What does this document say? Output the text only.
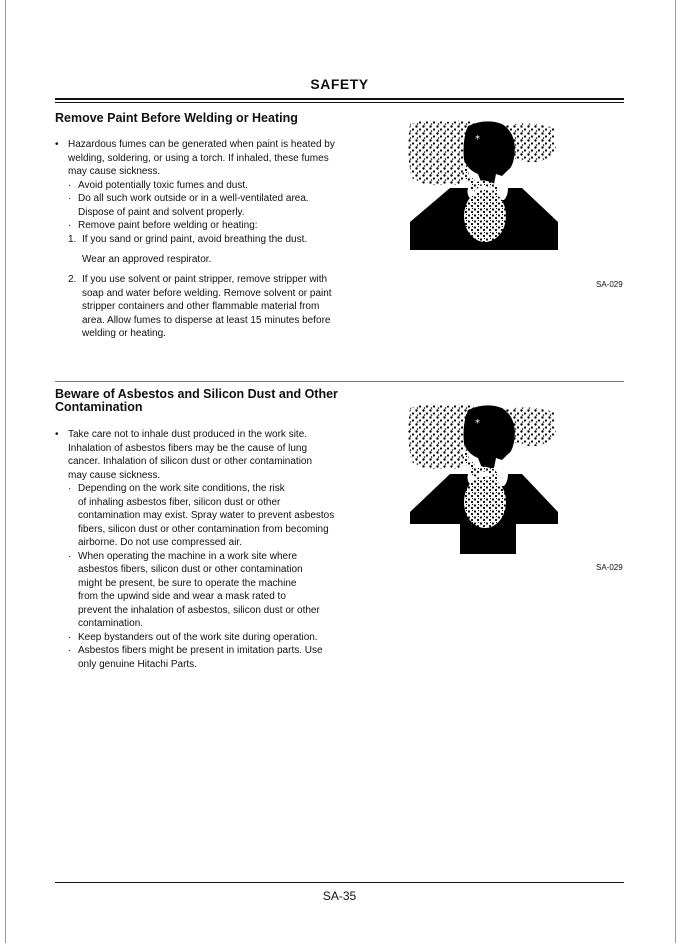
SAFETY
Remove Paint Before Welding or Heating
• Hazardous fumes can be generated when paint is heated by
welding, soldering, or using a torch. If inhaled, these fumes
may cause sickness.
· Avoid potentially toxic fumes and dust.
· Do all such work outside or in a well-ventilated area.
Dispose of paint and solvent properly.
· Remove paint before welding or heating:
1. If you sand or grind paint, avoid breathing the dust.
Wear an approved respirator.
2. If you use solvent or paint stripper, remove stripper with
soap and water before welding. Remove solvent or paint
stripper containers and other flammable material from
area. Allow fumes to disperse at least 15 minutes before
welding or heating.
*
SA-029
Beware of Asbestos and Silicon Dust and Other
Contamination
• Take care not to inhale dust produced in the work site.
Inhalation of asbestos fibers may be the cause of lung
cancer. Inhalation of silicon dust or other contamination
may cause sickness.
· Depending on the work site conditions, the risk
of inhaling asbestos fiber, silicon dust or other
contamination may exist. Spray water to prevent asbestos
fibers, silicon dust or other contamination from becoming
airborne. Do not use compressed air.
· When operating the machine in a work site where
asbestos fibers, silicon dust or other contamination
might be present, be sure to operate the machine
from the upwind side and wear a mask rated to
prevent the inhalation of asbestos, silicon dust or other
contamination.
· Keep bystanders out of the work site during operation.
· Asbestos fibers might be present in imitation parts. Use
only genuine Hitachi Parts.
*
SA-029
SA-35
